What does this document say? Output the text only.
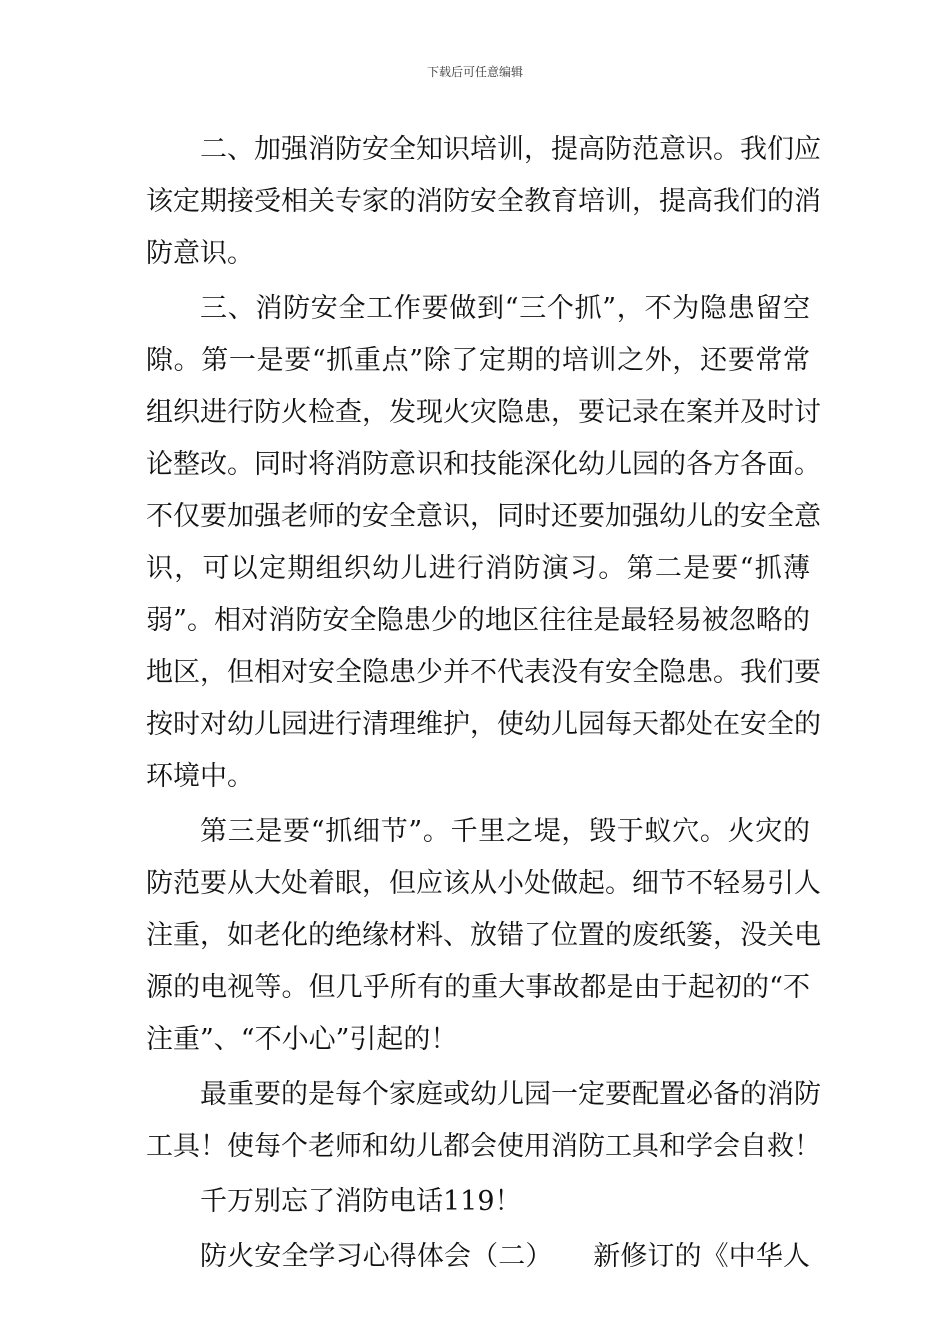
下载后可任意编辑
二、加强消防安全知识培训，提高防范意识。我们应
该定期接受相关专家的消防安全教育培训，提高我们的消
防意识。
三、消防安全工作要做到“三个抓”，不为隐患留空
隙。第一是要“抓重点”除了定期的培训之外，还要常常
组织进行防火检查，发现火灾隐患，要记录在案并及时讨
论整改。同时将消防意识和技能深化幼儿园的各方各面。
不仅要加强老师的安全意识，同时还要加强幼儿的安全意
识，可以定期组织幼儿进行消防演习。第二是要“抓薄
弱”。相对消防安全隐患少的地区往往是最轻易被忽略的
地区，但相对安全隐患少并不代表没有安全隐患。我们要
按时对幼儿园进行清理维护，使幼儿园每天都处在安全的
环境中。
第三是要“抓细节”。千里之堤，毁于蚁穴。火灾的
防范要从大处着眼，但应该从小处做起。细节不轻易引人
注重，如老化的绝缘材料、放错了位置的废纸篓，没关电
源的电视等。但几乎所有的重大事故都是由于起初的“不
注重”、“不小心”引起的！
最重要的是每个家庭或幼儿园一定要配置必备的消防
工具！使每个老师和幼儿都会使用消防工具和学会自救！
千万别忘了消防电话119！
防火安全学习心得体会（二）　　新修订的《中华人
